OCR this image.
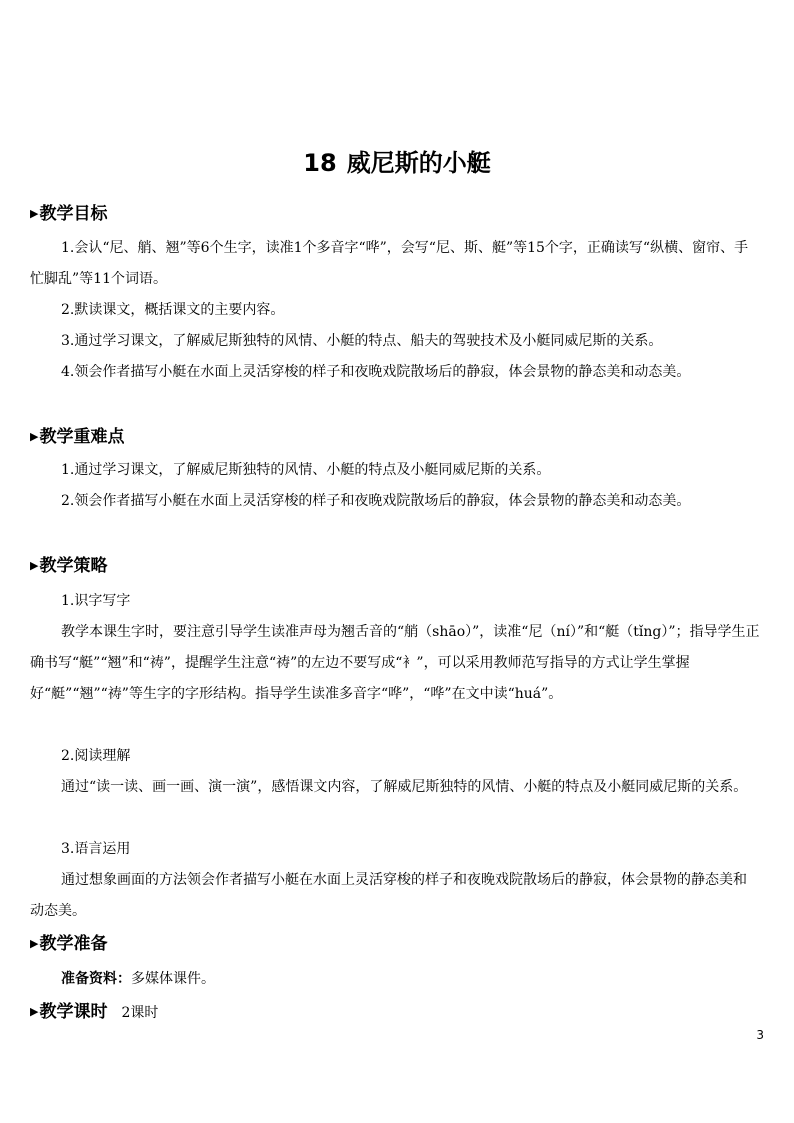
18 威尼斯的小艇
▶教学目标

1.会认“尼、艄、翘”等6个生字，读准1个多音字“哗”，会写“尼、斯、艇”等15个字，正确读写“纵横、窗帘、手忙脚乱”等11个词语。

2.默读课文，概括课文的主要内容。

3.通过学习课文，了解威尼斯独特的风情、小艇的特点、船夫的驾驶技术及小艇同威尼斯的关系。

4.领会作者描写小艇在水面上灵活穿梭的样子和夜晚戏院散场后的静寂，体会景物的静态美和动态美。

▶教学重难点

1.通过学习课文，了解威尼斯独特的风情、小艇的特点及小艇同威尼斯的关系。

2.领会作者描写小艇在水面上灵活穿梭的样子和夜晚戏院散场后的静寂，体会景物的静态美和动态美。

▶教学策略
1.识字写字

教学本课生字时，要注意引导学生读准声母为翘舌音的“艄（shāo）”，读准“尼（ní）”和“艇（tǐng）”；指导学生正确书写“艇”“翘”和“祷”，提醒学生注意“祷”的左边不要写成“衤”，可以采用教师范写指导的方式让学生掌握好“艇”“翘”“祷”等生字的字形结构。指导学生读准多音字“哗”，“哗”在文中读“huá”。

2.阅读理解

通过“读一读、画一画、演一演”，感悟课文内容，了解威尼斯独特的风情、小艇的特点及小艇同威尼斯的关系。

3.语言运用

通过想象画面的方法领会作者描写小艇在水面上灵活穿梭的样子和夜晚戏院散场后的静寂，体会景物的静态美和动态美。

▶教学准备
准备资料：多媒体课件。
▶教学课时 2课时
3
